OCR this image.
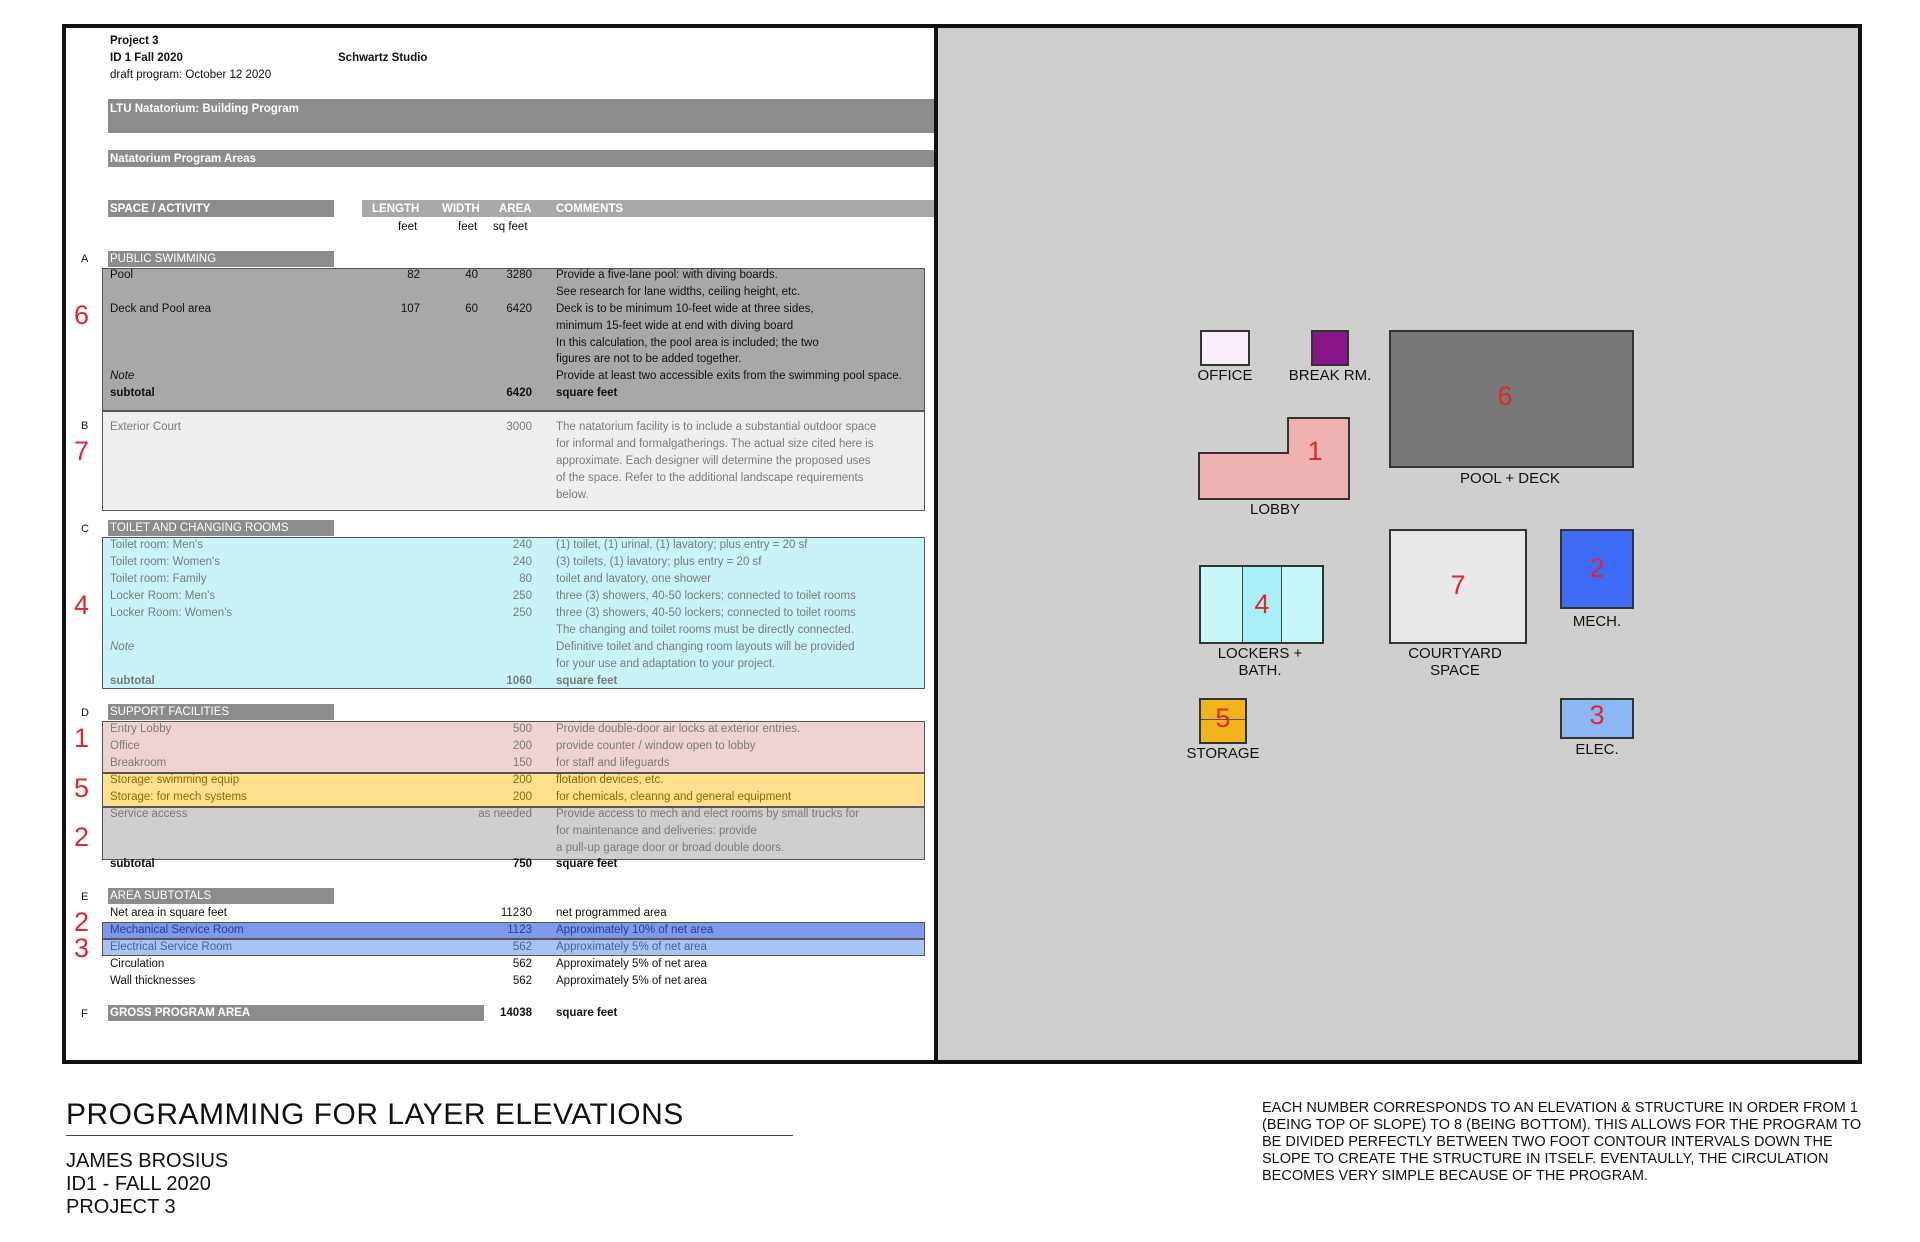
Project 3
ID 1 Fall 2020	Schwartz Studio
draft program: October 12 2020
LTU Natatorium: Building Program
Natatorium Program Areas
SPACE / ACTIVITY	LENGTH WIDTH AREA COMMENTS
feet	feet sq feet
A PUBLIC SWIMMING
6
Pool	82	40	3280 Provide a five-lane pool: with diving boards.
See research for lane widths, ceiling height, etc.
Deck and Pool area	107	60	6420 Deck is to be minimum 10-feet wide at three sides,
minimum 15-feet wide at end with diving board
In this calculation, the pool area is included; the two
figures are not to be added together.
Note	Provide at least two accessible exits from the swimming pool space.
subtotal	6420 square feet
B
7
Exterior Court	3000 The natatorium facility is to include a substantial outdoor space
for informal and formalgatherings. The actual size cited here is
approximate. Each designer will determine the proposed uses
of the space. Refer to the additional landscape requirements
below.
C TOILET AND CHANGING ROOMS
4
Toilet room: Men's	240 (1) toilet, (1) urinal, (1) lavatory; plus entry = 20 sf
Toilet room: Women's	240 (3) toilets, (1) lavatory; plus entry = 20 sf
Toilet room: Family	80 toilet and lavatory, one shower
Locker Room: Men's	250 three (3) showers, 40-50 lockers; connected to toilet rooms
Locker Room: Women's	250 three (3) showers, 40-50 lockers; connected to toilet rooms
The changing and toilet rooms must be directly connected.
Note	Definitive toilet and changing room layouts will be provided
for your use and adaptation to your project.
subtotal	1060 square feet
D SUPPORT FACILITIES
1
5
2
Entry Lobby	500 Provide double-door air locks at exterior entries.
Office	200 provide counter / window open to lobby
Breakroom	150 for staff and lifeguards
Storage: swimming equip	200 flotation devices, etc.
Storage: for mech systems	200 for chemicals, cleanng and general equipment
Service access	as needed Provide access to mech and elect rooms by small trucks for
for maintenance and deliveries: provide
a pull-up garage door or broad double doors.
subtotal	750 square feet
E AREA SUBTOTALS
2
3
Net area in square feet	11230 net programmed area
Mechanical Service Room	1123 Approximately 10% of net area
Electrical Service Room	562 Approximately 5% of net area
Circulation	562 Approximately 5% of net area
Wall thicknesses	562 Approximately 5% of net area
F GROSS PROGRAM AREA	14038 square feet
OFFICE	BREAK RM.
6
POOL + DECK
1
LOBBY
4
LOCKERS +
BATH.
7
COURTYARD
SPACE
2
MECH.
5
STORAGE
3
ELEC.
PROGRAMMING FOR LAYER ELEVATIONS
JAMES BROSIUS
ID1 - FALL 2020
PROJECT 3
EACH NUMBER CORRESPONDS TO AN ELEVATION & STRUCTURE IN ORDER FROM 1 (BEING TOP OF SLOPE) TO 8 (BEING BOTTOM). THIS ALLOWS FOR THE PROGRAM TO BE DIVIDED PERFECTLY BETWEEN TWO FOOT CONTOUR INTERVALS DOWN THE SLOPE TO CREATE THE STRUCTURE IN ITSELF. EVENTAULLY, THE CIRCULATION BECOMES VERY SIMPLE BECAUSE OF THE PROGRAM.
